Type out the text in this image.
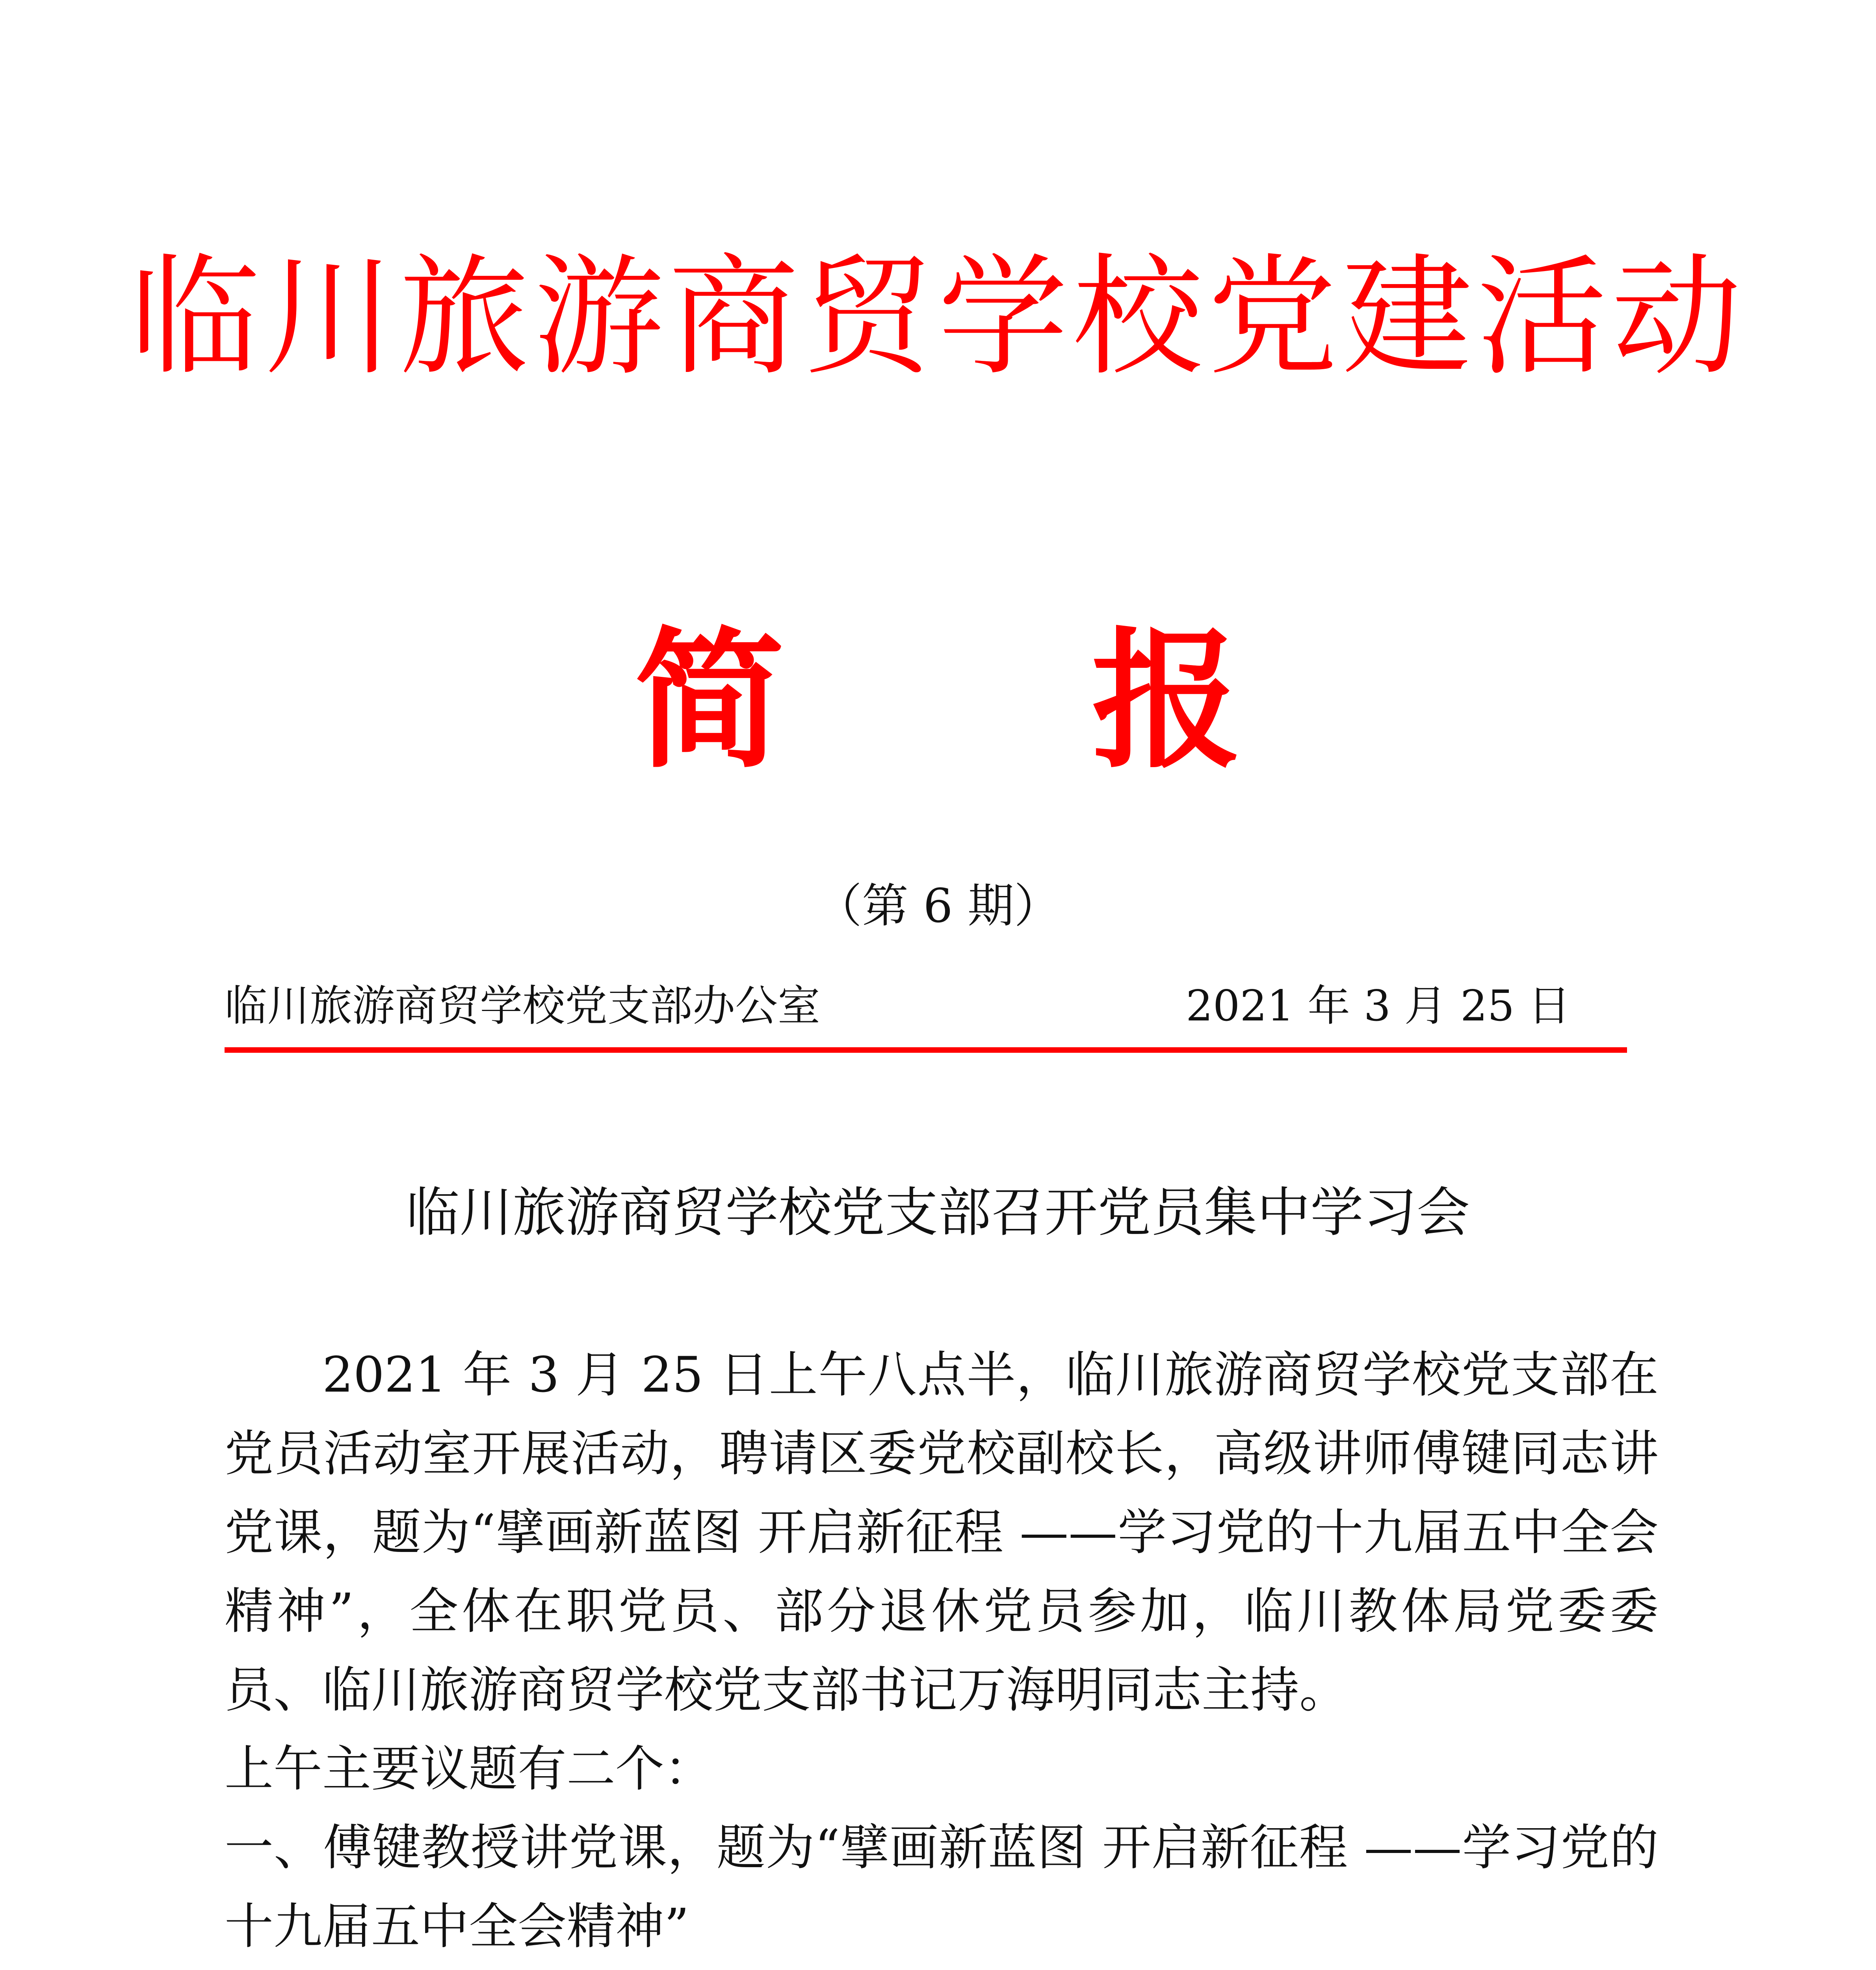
临川旅游商贸学校党建活动
简 报
（第 6 期）
临川旅游商贸学校党支部办公室	2021 年 3 月 25 日
临川旅游商贸学校党支部召开党员集中学习会

2021 年 3 月 25 日上午八点半，临川旅游商贸学校党支部在党员活动室开展活动，聘请区委党校副校长，高级讲师傅键同志讲党课，题为“擘画新蓝图 开启新征程 ——学习党的十九届五中全会精神”，全体在职党员、部分退休党员参加，临川教体局党委委员、临川旅游商贸学校党支部书记万海明同志主持。

上午主要议题有二个：

一、傅键教授讲党课，题为“擘画新蓝图 开启新征程 ——学习党的十九届五中全会精神”
